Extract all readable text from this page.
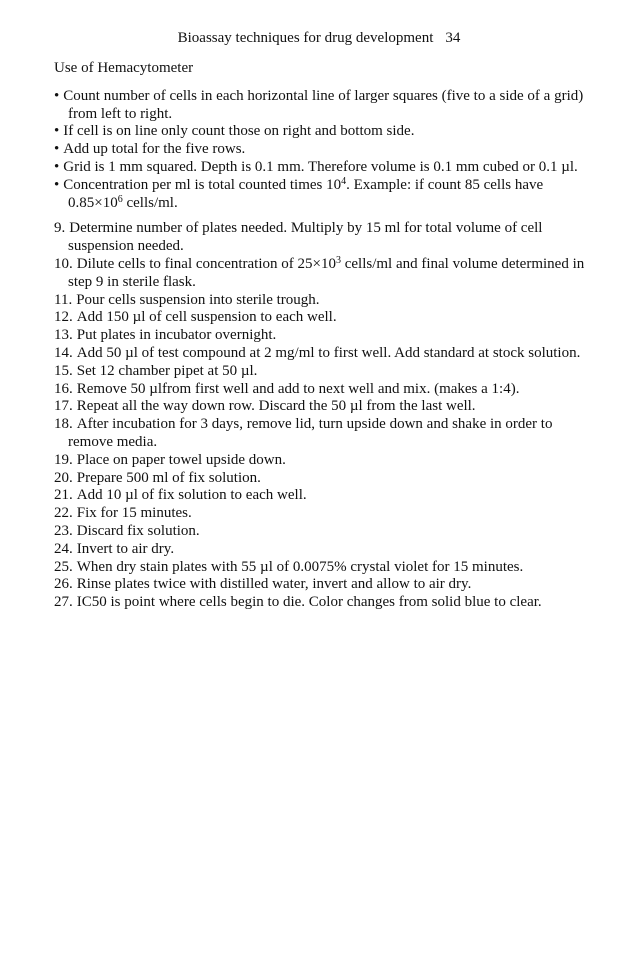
Bioassay techniques for drug development 34
Use of Hemacytometer
• Count number of cells in each horizontal line of larger squares (five to a side of a grid) from left to right.
• If cell is on line only count those on right and bottom side.
• Add up total for the five rows.
• Grid is 1 mm squared. Depth is 0.1 mm. Therefore volume is 0.1 mm cubed or 0.1 µl.
• Concentration per ml is total counted times $10^4$. Example: if count 85 cells have $0.85\times 10^6$ cells/ml.
9. Determine number of plates needed. Multiply by 15 ml for total volume of cell suspension needed.
10. Dilute cells to final concentration of $25\times 10^3$ cells/ml and final volume determined in step 9 in sterile flask.
11. Pour cells suspension into sterile trough.
12. Add 150 µl of cell suspension to each well.
13. Put plates in incubator overnight.
14. Add 50 µl of test compound at 2 mg/ml to first well. Add standard at stock solution.
15. Set 12 chamber pipet at 50 µl.
16. Remove 50 µlfrom first well and add to next well and mix. (makes a 1:4).
17. Repeat all the way down row. Discard the 50 µl from the last well.
18. After incubation for 3 days, remove lid, turn upside down and shake in order to remove media.
19. Place on paper towel upside down.
20. Prepare 500 ml of fix solution.
21. Add 10 µl of fix solution to each well.
22. Fix for 15 minutes.
23. Discard fix solution.
24. Invert to air dry.
25. When dry stain plates with 55 µl of 0.0075% crystal violet for 15 minutes.
26. Rinse plates twice with distilled water, invert and allow to air dry.
27. IC50 is point where cells begin to die. Color changes from solid blue to clear.
